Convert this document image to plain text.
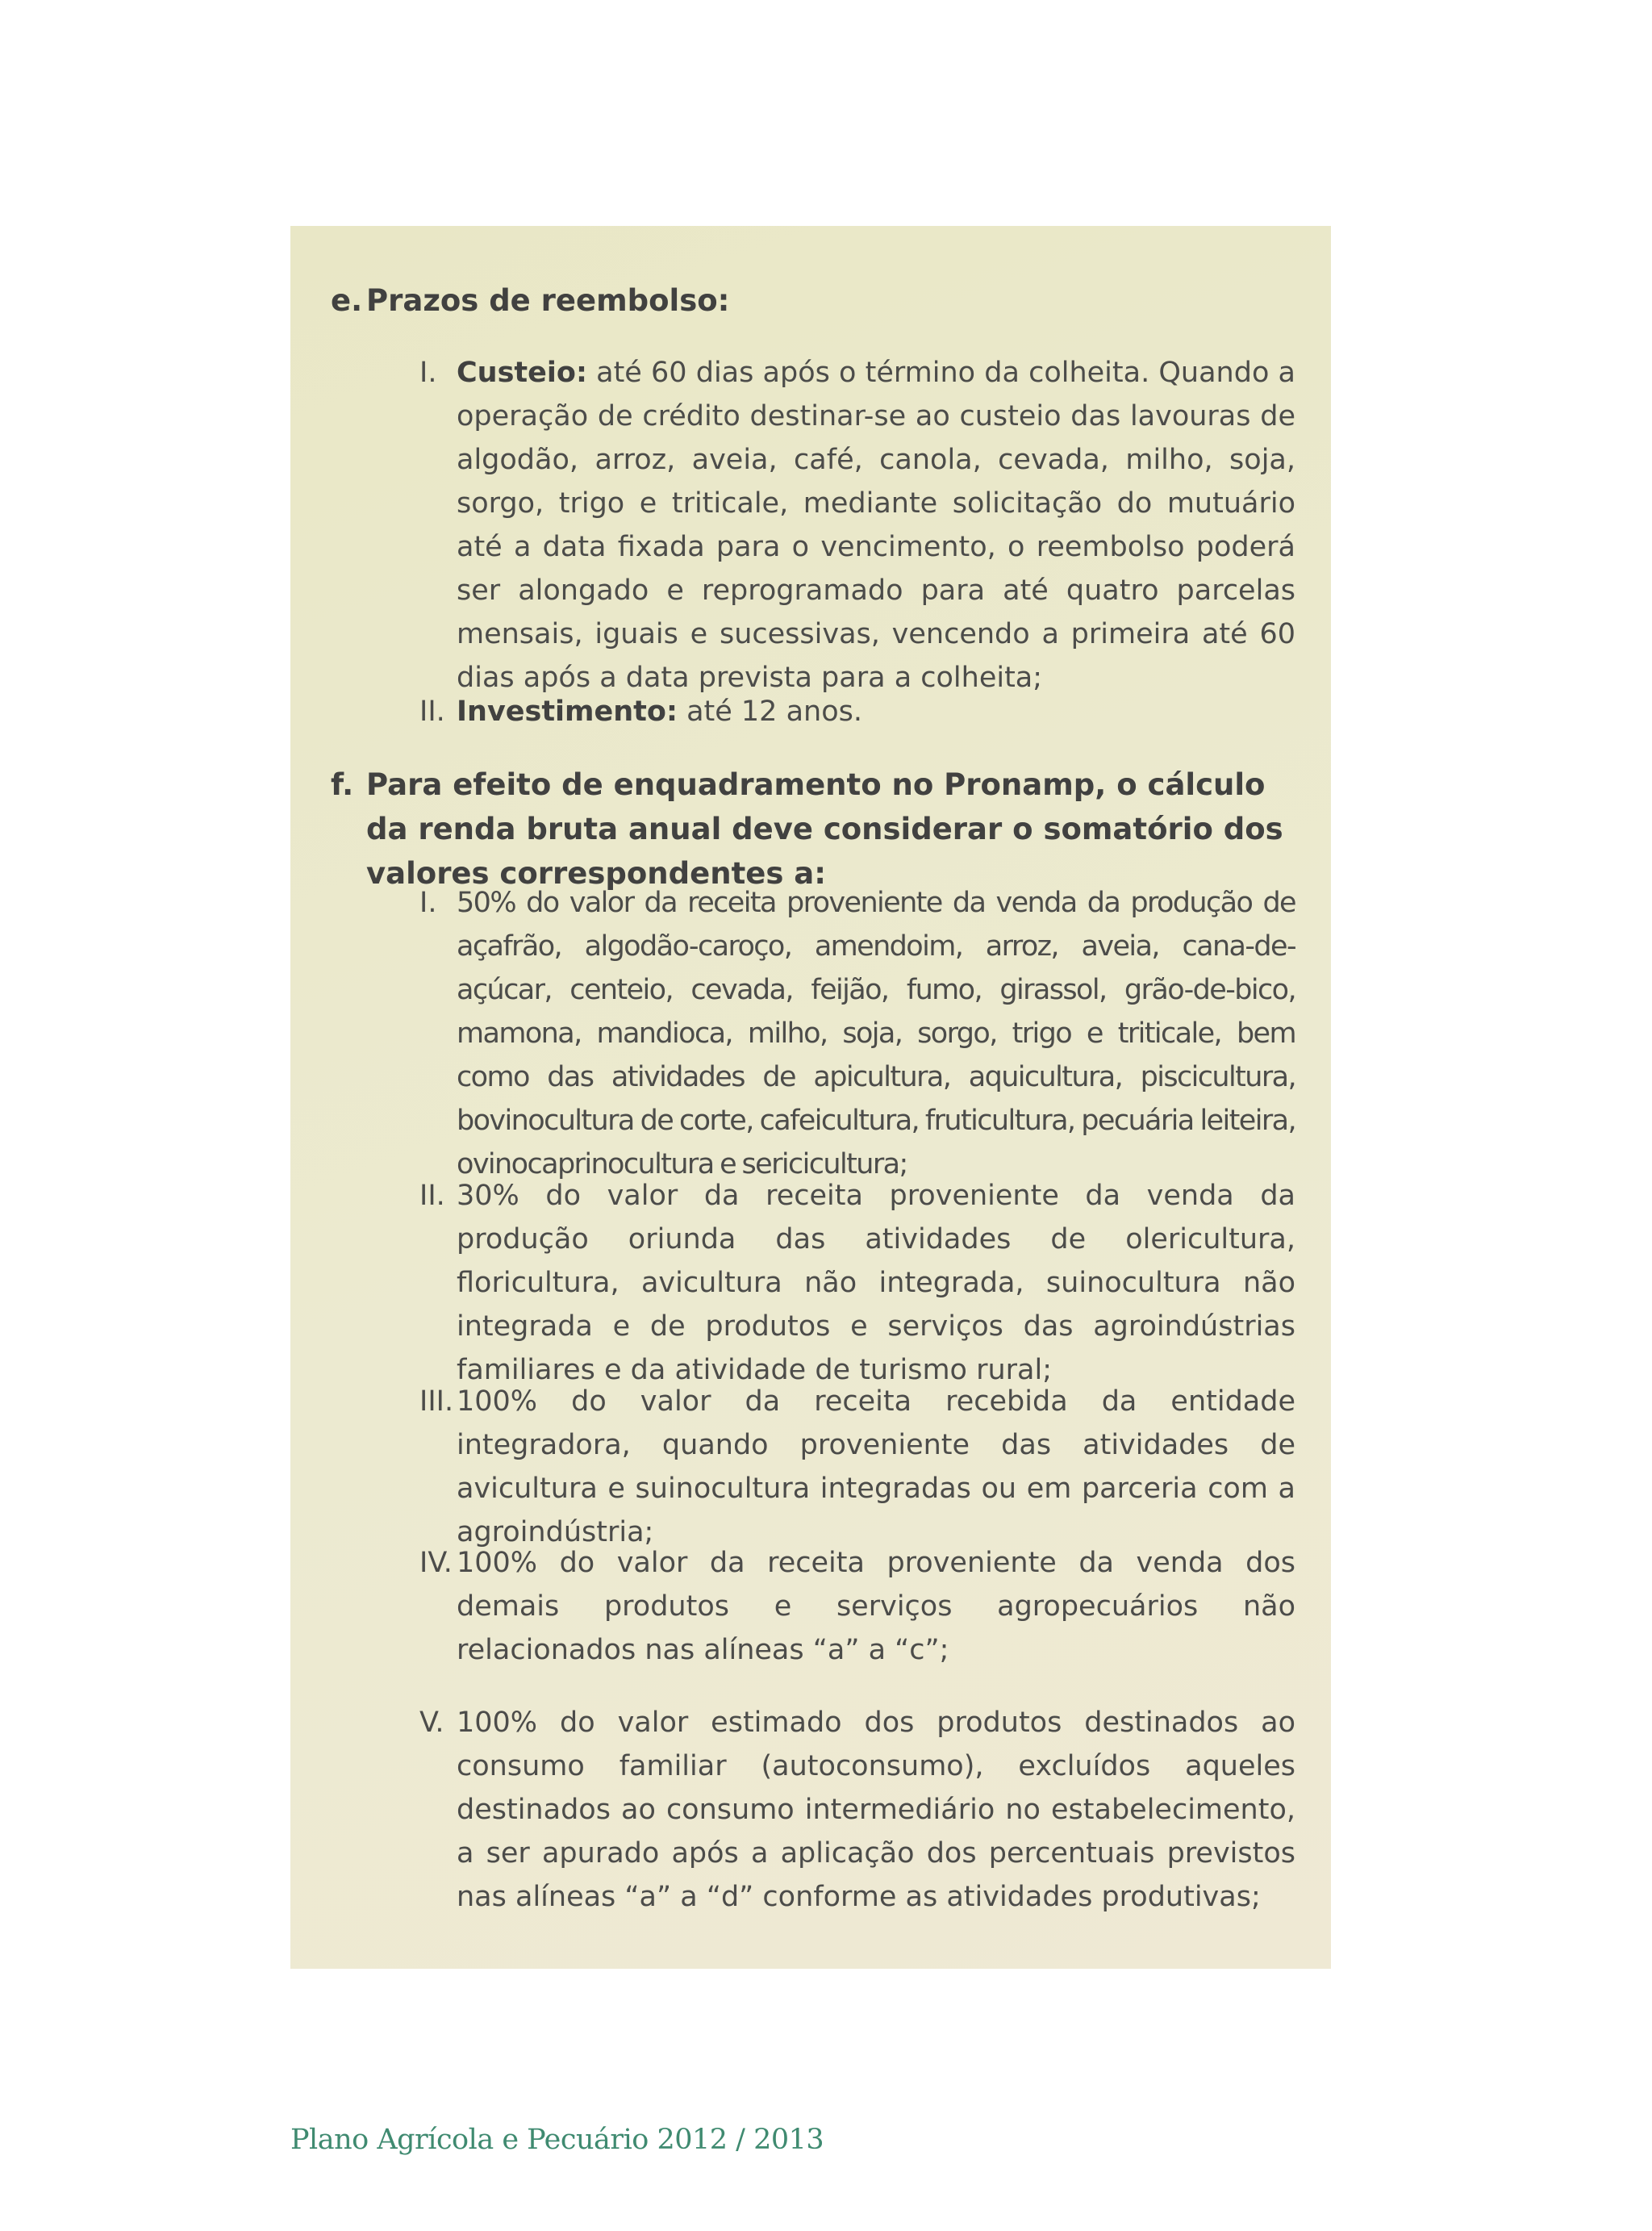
e. Prazos de reembolso:
I. Custeio: até 60 dias após o término da colheita. Quando a operação de crédito destinar-se ao custeio das lavouras de algodão, arroz, aveia, café, canola, cevada, milho, soja, sorgo, trigo e triticale, mediante solicitação do mutuário até a data fixada para o vencimento, o reembolso poderá ser alongado e reprogramado para até quatro parcelas mensais, iguais e sucessivas, vencendo a primeira até 60 dias após a data prevista para a colheita;
II. Investimento: até 12 anos.
f. Para efeito de enquadramento no Pronamp, o cálculo da renda bruta anual deve considerar o somatório dos valores correspondentes a:
I. 50% do valor da receita proveniente da venda da produção de açafrão, algodão-caroço, amendoim, arroz, aveia, cana-de-açúcar, centeio, cevada, feijão, fumo, girassol, grão-de-bico, mamona, mandioca, milho, soja, sorgo, trigo e triticale, bem como das atividades de apicultura, aquicultura, piscicultura, bovinocultura de corte, cafeicultura, fruticultura, pecuária leiteira, ovinocaprinocultura e sericicultura;
II. 30% do valor da receita proveniente da venda da produção oriunda das atividades de olericultura, floricultura, avicultura não integrada, suinocultura não integrada e de produtos e serviços das agroindústrias familiares e da atividade de turismo rural;
III. 100% do valor da receita recebida da entidade integradora, quando proveniente das atividades de avicultura e suinocultura integradas ou em parceria com a agroindústria;
IV. 100% do valor da receita proveniente da venda dos demais produtos e serviços agropecuários não relacionados nas alíneas “a” a “c”;
V. 100% do valor estimado dos produtos destinados ao consumo familiar (autoconsumo), excluídos aqueles destinados ao consumo intermediário no estabelecimento, a ser apurado após a aplicação dos percentuais previstos nas alíneas “a” a “d” conforme as atividades produtivas;
Plano Agrícola e Pecuário 2012 / 2013
